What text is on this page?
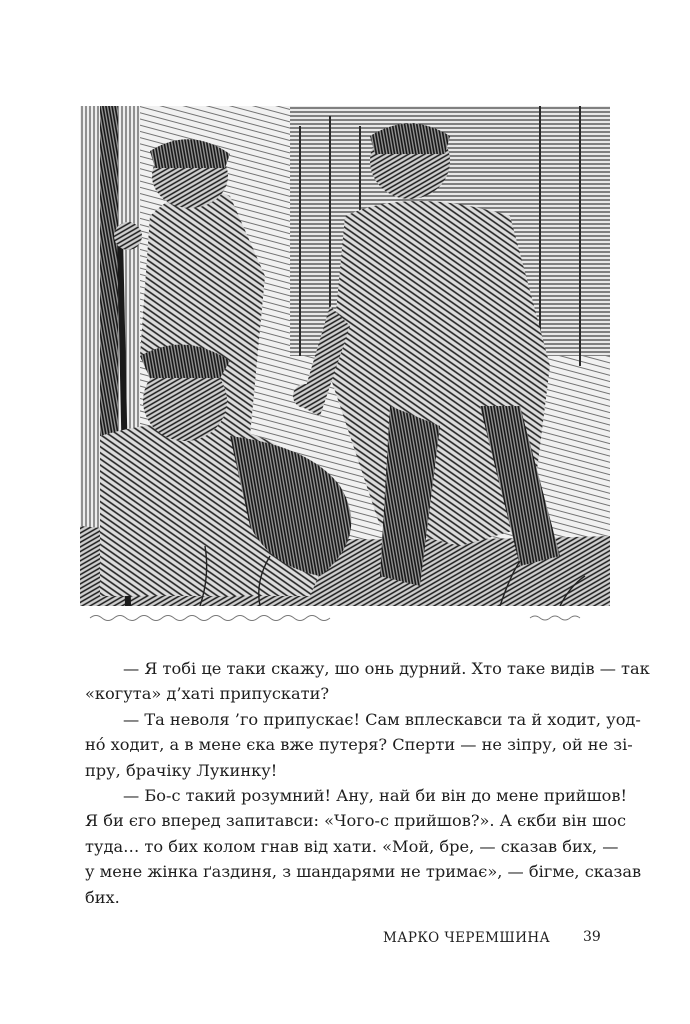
— Я тобі це таки скажу, шо онь дурний. Хто таке видів — так
«когута» д’хаті припускати?

— Та неволя ’го припускає! Сам вплескавси та й ходит, уод-
нó ходит, а в мене єка вже путеря? Сперти — не зіпру, ой не зі-
пру, брачіку Лукинку!

— Бо-с такий розумний! Ану, най би він до мене прийшов!
Я би єго вперед запитавси: «Чого-с прийшов?». А єкби він шос
туда… то бих колом гнав від хати. «Мой, бре, — сказав бих, —
у мене жінка ґаздиня, з шандарями не тримає», — бігме, сказав
бих.

МАРКО ЧЕРЕМШИНА 39
